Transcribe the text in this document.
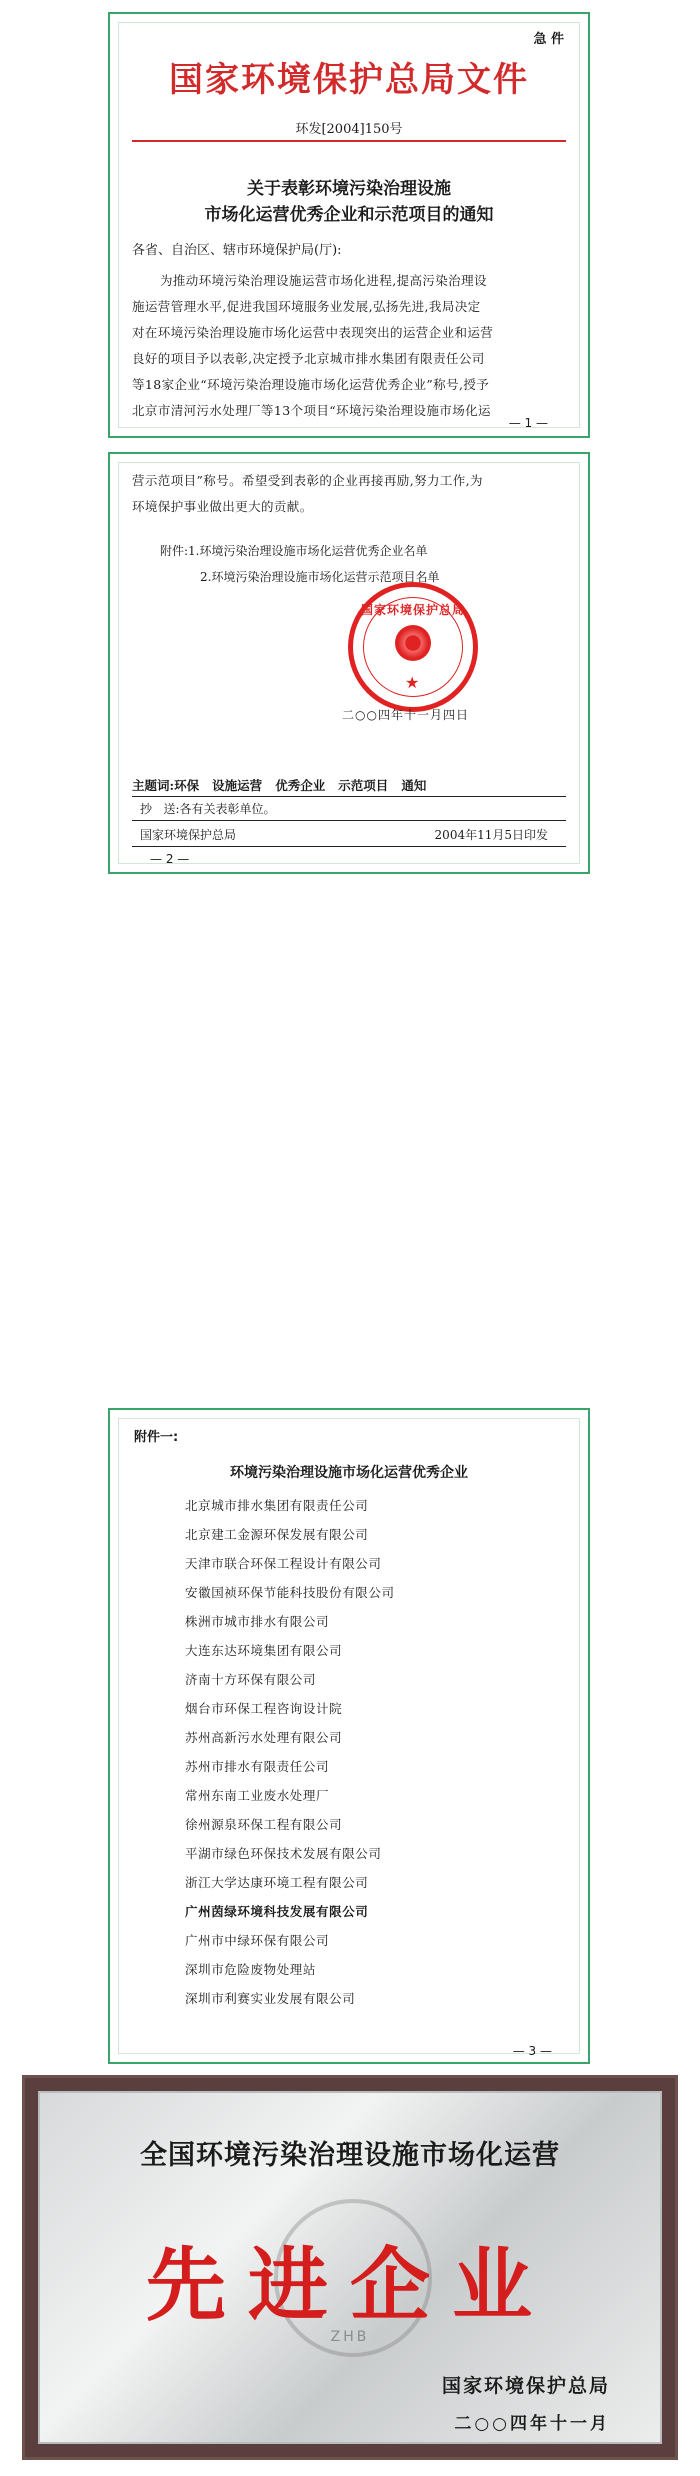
急 件
国家环境保护总局文件
环发[2004]150号
关于表彰环境污染治理设施
市场化运营优秀企业和示范项目的通知
各省、自治区、辖市环境保护局(厅):
为推动环境污染治理设施运营市场化进程,提高污染治理设
施运营管理水平,促进我国环境服务业发展,弘扬先进,我局决定
对在环境污染治理设施市场化运营中表现突出的运营企业和运营
良好的项目予以表彰,决定授予北京城市排水集团有限责任公司
等18家企业“环境污染治理设施市场化运营优秀企业”称号,授予
北京市清河污水处理厂等13个项目“环境污染治理设施市场化运
— 1 —
营示范项目”称号。希望受到表彰的企业再接再励,努力工作,为
环境保护事业做出更大的贡献。
附件:1.环境污染治理设施市场化运营优秀企业名单
2.环境污染治理设施市场化运营示范项目名单
国家环境保护总局
★
二○○四年十一月四日
主题词:环保   设施运营   优秀企业   示范项目   通知
抄   送:各有关表彰单位。
国家环境保护总局	2004年11月5日印发
— 2 —
附件一:
环境污染治理设施市场化运营优秀企业
北京城市排水集团有限责任公司
北京建工金源环保发展有限公司
天津市联合环保工程设计有限公司
安徽国祯环保节能科技股份有限公司
株洲市城市排水有限公司
大连东达环境集团有限公司
济南十方环保有限公司
烟台市环保工程咨询设计院
苏州高新污水处理有限公司
苏州市排水有限责任公司
常州东南工业废水处理厂
徐州源泉环保工程有限公司
平湖市绿色环保技术发展有限公司
浙江大学达康环境工程有限公司
广州茵绿环境科技发展有限公司
广州市中绿环保有限公司
深圳市危险废物处理站
深圳市利赛实业发展有限公司
— 3 —
全国环境污染治理设施市场化运营
ZHB
先进企业
国家环境保护总局
二○○四年十一月
